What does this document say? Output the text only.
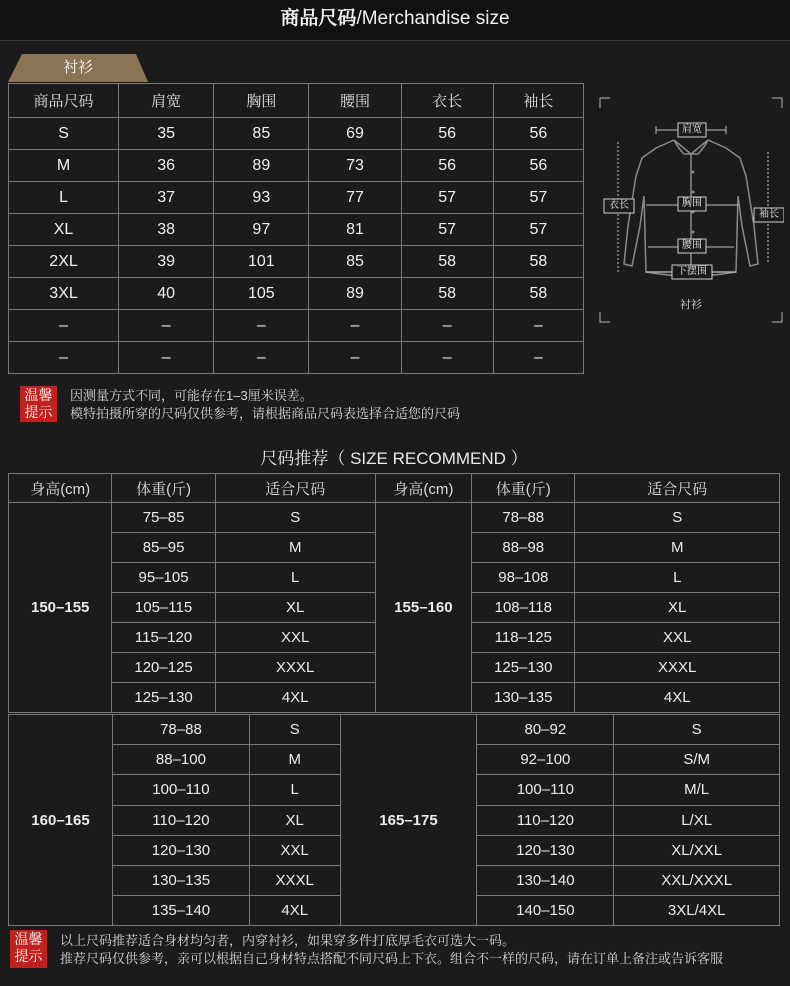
商品尺码/Merchandise size
衬衫
商品尺码	肩宽	胸围	腰围	衣长	袖长
S	35	85	69	56	56
M	36	89	73	56	56
L	37	93	77	57	57
XL	38	97	81	57	57
2XL	39	101	85	58	58
3XL	40	105	89	58	58
–	–	–	–	–	–
–	–	–	–	–	–
肩宽
衣长	胸围
袖长
腰围
下摆围
衬衫
温馨
提示
因测量方式不同，可能存在1–3厘米误差。
模特拍摄所穿的尺码仅供参考，请根据商品尺码表选择合适您的尺码
尺码推荐（ SIZE RECOMMEND ）
身高(cm)	体重(斤)	适合尺码	身高(cm)	体重(斤)	适合尺码
150–155	75–85	S	155–160	78–88	S
	85–95	M		88–98	M
	95–105	L		98–108	L
	105–115	XL		108–118	XL
	115–120	XXL		118–125	XXL
	120–125	XXXL		125–130	XXXL
	125–130	4XL		130–135	4XL
160–165	78–88	S	165–175	80–92	S
	88–100	M		92–100	S/M
	100–110	L		100–110	M/L
	110–120	XL		110–120	L/XL
	120–130	XXL		120–130	XL/XXL
	130–135	XXXL		130–140	XXL/XXXL
	135–140	4XL		140–150	3XL/4XL
温馨
提示
以上尺码推荐适合身材均匀者，内穿衬衫，如果穿多件打底厚毛衣可选大一码。
推荐尺码仅供参考，亲可以根据自己身材特点搭配不同尺码上下衣。组合不一样的尺码，请在订单上备注或告诉客服
